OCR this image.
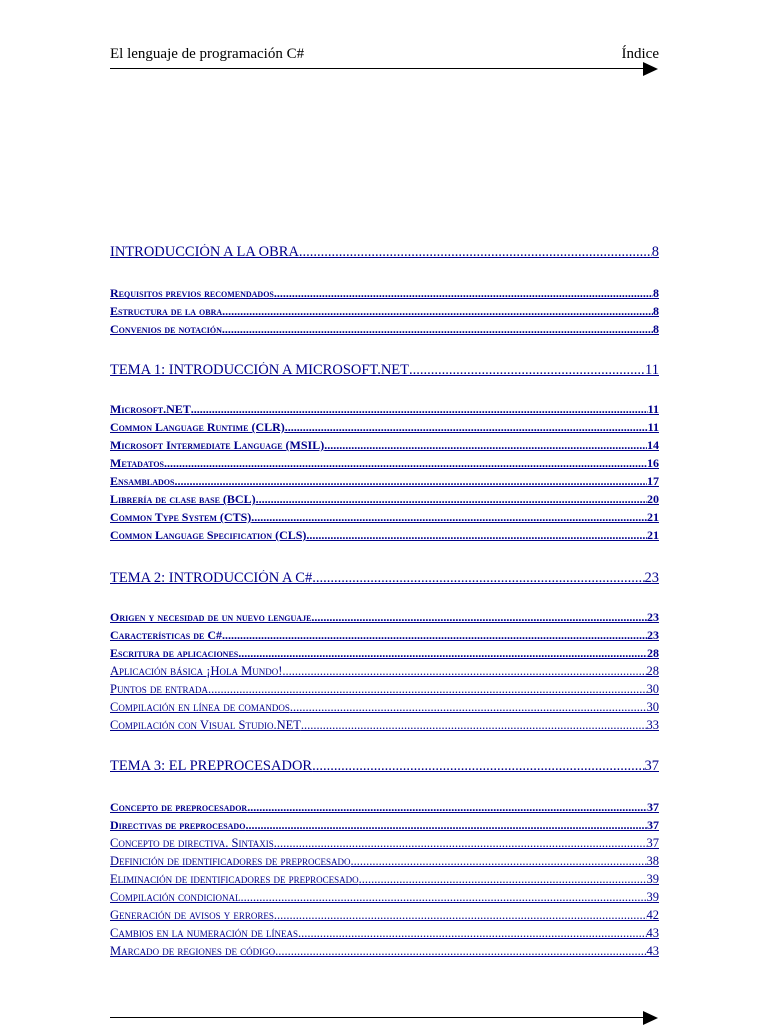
El lenguaje de programación C#	Índice
INTRODUCCIÓN A LA OBRA .....	8
Requisitos previos recomendados .....	8
Estructura de la obra .....	8
Convenios de notación .....	8
TEMA 1: INTRODUCCIÓN A MICROSOFT.NET .....	11
Microsoft.NET .....	11
Common Language Runtime (CLR) .....	11
Microsoft Intermediate Language (MSIL) .....	14
Metadatos .....	16
Ensamblados .....	17
Librería de clase base (BCL) .....	20
Common Type System (CTS) .....	21
Common Language Specification (CLS) .....	21
TEMA 2: INTRODUCCIÓN A C# .....	23
Origen y necesidad de un nuevo lenguaje .....	23
Características de C# .....	23
Escritura de aplicaciones .....	28
Aplicación básica ¡Hola Mundo! .....	28
Puntos de entrada .....	30
Compilación en línea de comandos .....	30
Compilación con Visual Studio.NET .....	33
TEMA 3: EL PREPROCESADOR .....	37
Concepto de preprocesador .....	37
Directivas de preprocesado .....	37
Concepto de directiva. Sintaxis .....	37
Definición de identificadores de preprocesado .....	38
Eliminación de identificadores de preprocesado .....	39
Compilación condicional .....	39
Generación de avisos y errores .....	42
Cambios en la numeración de líneas .....	43
Marcado de regiones de código .....	43
